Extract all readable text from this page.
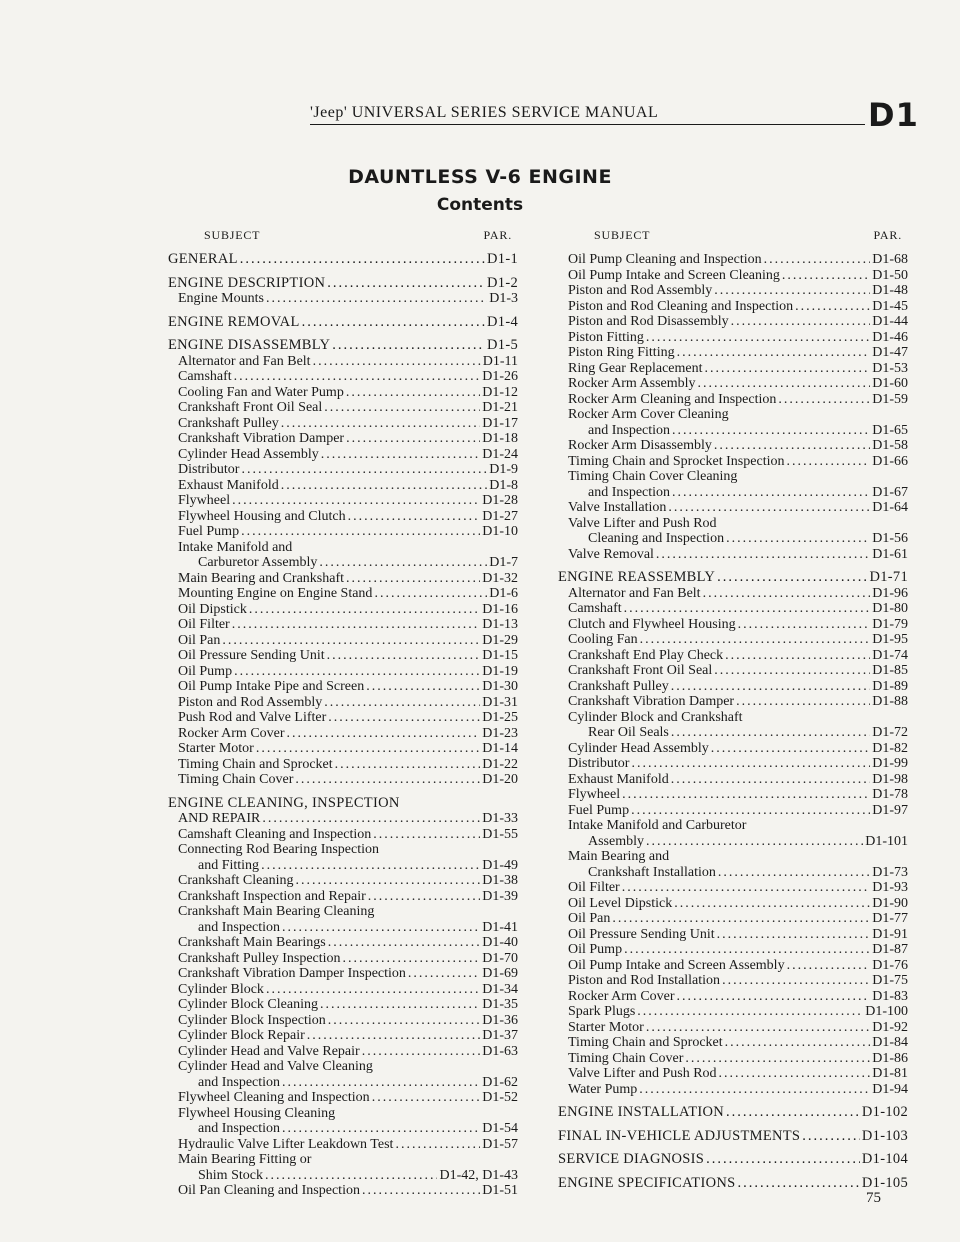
'Jeep' UNIVERSAL SERIES SERVICE MANUAL	D1
DAUNTLESS V-6 ENGINE
Contents
SUBJECT	PAR.
GENERAL .....	D1-1
ENGINE DESCRIPTION .....	D1-2
Engine Mounts .....	D1-3
ENGINE REMOVAL .....	D1-4
ENGINE DISASSEMBLY .....	D1-5
Alternator and Fan Belt .....	D1-11
Camshaft .....	D1-26
Cooling Fan and Water Pump .....	D1-12
Crankshaft Front Oil Seal .....	D1-21
Crankshaft Pulley .....	D1-17
Crankshaft Vibration Damper .....	D1-18
Cylinder Head Assembly .....	D1-24
Distributor .....	D1-9
Exhaust Manifold .....	D1-8
Flywheel .....	D1-28
Flywheel Housing and Clutch .....	D1-27
Fuel Pump .....	D1-10
Intake Manifold and
Carburetor Assembly .....	D1-7
Main Bearing and Crankshaft .....	D1-32
Mounting Engine on Engine Stand .....	D1-6
Oil Dipstick .....	D1-16
Oil Filter .....	D1-13
Oil Pan .....	D1-29
Oil Pressure Sending Unit .....	D1-15
Oil Pump .....	D1-19
Oil Pump Intake Pipe and Screen .....	D1-30
Piston and Rod Assembly .....	D1-31
Push Rod and Valve Lifter .....	D1-25
Rocker Arm Cover .....	D1-23
Starter Motor .....	D1-14
Timing Chain and Sprocket .....	D1-22
Timing Chain Cover .....	D1-20
ENGINE CLEANING, INSPECTION
AND REPAIR .....	D1-33
Camshaft Cleaning and Inspection .....	D1-55
Connecting Rod Bearing Inspection
and Fitting .....	D1-49
Crankshaft Cleaning .....	D1-38
Crankshaft Inspection and Repair .....	D1-39
Crankshaft Main Bearing Cleaning
and Inspection .....	D1-41
Crankshaft Main Bearings .....	D1-40
Crankshaft Pulley Inspection .....	D1-70
Crankshaft Vibration Damper Inspection .....	D1-69
Cylinder Block .....	D1-34
Cylinder Block Cleaning .....	D1-35
Cylinder Block Inspection .....	D1-36
Cylinder Block Repair .....	D1-37
Cylinder Head and Valve Repair .....	D1-63
Cylinder Head and Valve Cleaning
and Inspection .....	D1-62
Flywheel Cleaning and Inspection .....	D1-52
Flywheel Housing Cleaning
and Inspection .....	D1-54
Hydraulic Valve Lifter Leakdown Test .....	D1-57
Main Bearing Fitting or
Shim Stock .....	D1-42, D1-43
Oil Pan Cleaning and Inspection .....	D1-51
SUBJECT	PAR.
Oil Pump Cleaning and Inspection .....	D1-68
Oil Pump Intake and Screen Cleaning .....	D1-50
Piston and Rod Assembly .....	D1-48
Piston and Rod Cleaning and Inspection .....	D1-45
Piston and Rod Disassembly .....	D1-44
Piston Fitting .....	D1-46
Piston Ring Fitting .....	D1-47
Ring Gear Replacement .....	D1-53
Rocker Arm Assembly .....	D1-60
Rocker Arm Cleaning and Inspection .....	D1-59
Rocker Arm Cover Cleaning
and Inspection .....	D1-65
Rocker Arm Disassembly .....	D1-58
Timing Chain and Sprocket Inspection .....	D1-66
Timing Chain Cover Cleaning
and Inspection .....	D1-67
Valve Installation .....	D1-64
Valve Lifter and Push Rod
Cleaning and Inspection .....	D1-56
Valve Removal .....	D1-61
ENGINE REASSEMBLY .....	D1-71
Alternator and Fan Belt .....	D1-96
Camshaft .....	D1-80
Clutch and Flywheel Housing .....	D1-79
Cooling Fan .....	D1-95
Crankshaft End Play Check .....	D1-74
Crankshaft Front Oil Seal .....	D1-85
Crankshaft Pulley .....	D1-89
Crankshaft Vibration Damper .....	D1-88
Cylinder Block and Crankshaft
Rear Oil Seals .....	D1-72
Cylinder Head Assembly .....	D1-82
Distributor .....	D1-99
Exhaust Manifold .....	D1-98
Flywheel .....	D1-78
Fuel Pump .....	D1-97
Intake Manifold and Carburetor
Assembly .....	D1-101
Main Bearing and
Crankshaft Installation .....	D1-73
Oil Filter .....	D1-93
Oil Level Dipstick .....	D1-90
Oil Pan .....	D1-77
Oil Pressure Sending Unit .....	D1-91
Oil Pump .....	D1-87
Oil Pump Intake and Screen Assembly .....	D1-76
Piston and Rod Installation .....	D1-75
Rocker Arm Cover .....	D1-83
Spark Plugs .....	D1-100
Starter Motor .....	D1-92
Timing Chain and Sprocket .....	D1-84
Timing Chain Cover .....	D1-86
Valve Lifter and Push Rod .....	D1-81
Water Pump .....	D1-94
ENGINE INSTALLATION .....	D1-102
FINAL IN-VEHICLE ADJUSTMENTS .....	D1-103
SERVICE DIAGNOSIS .....	D1-104
ENGINE SPECIFICATIONS .....	D1-105
75
